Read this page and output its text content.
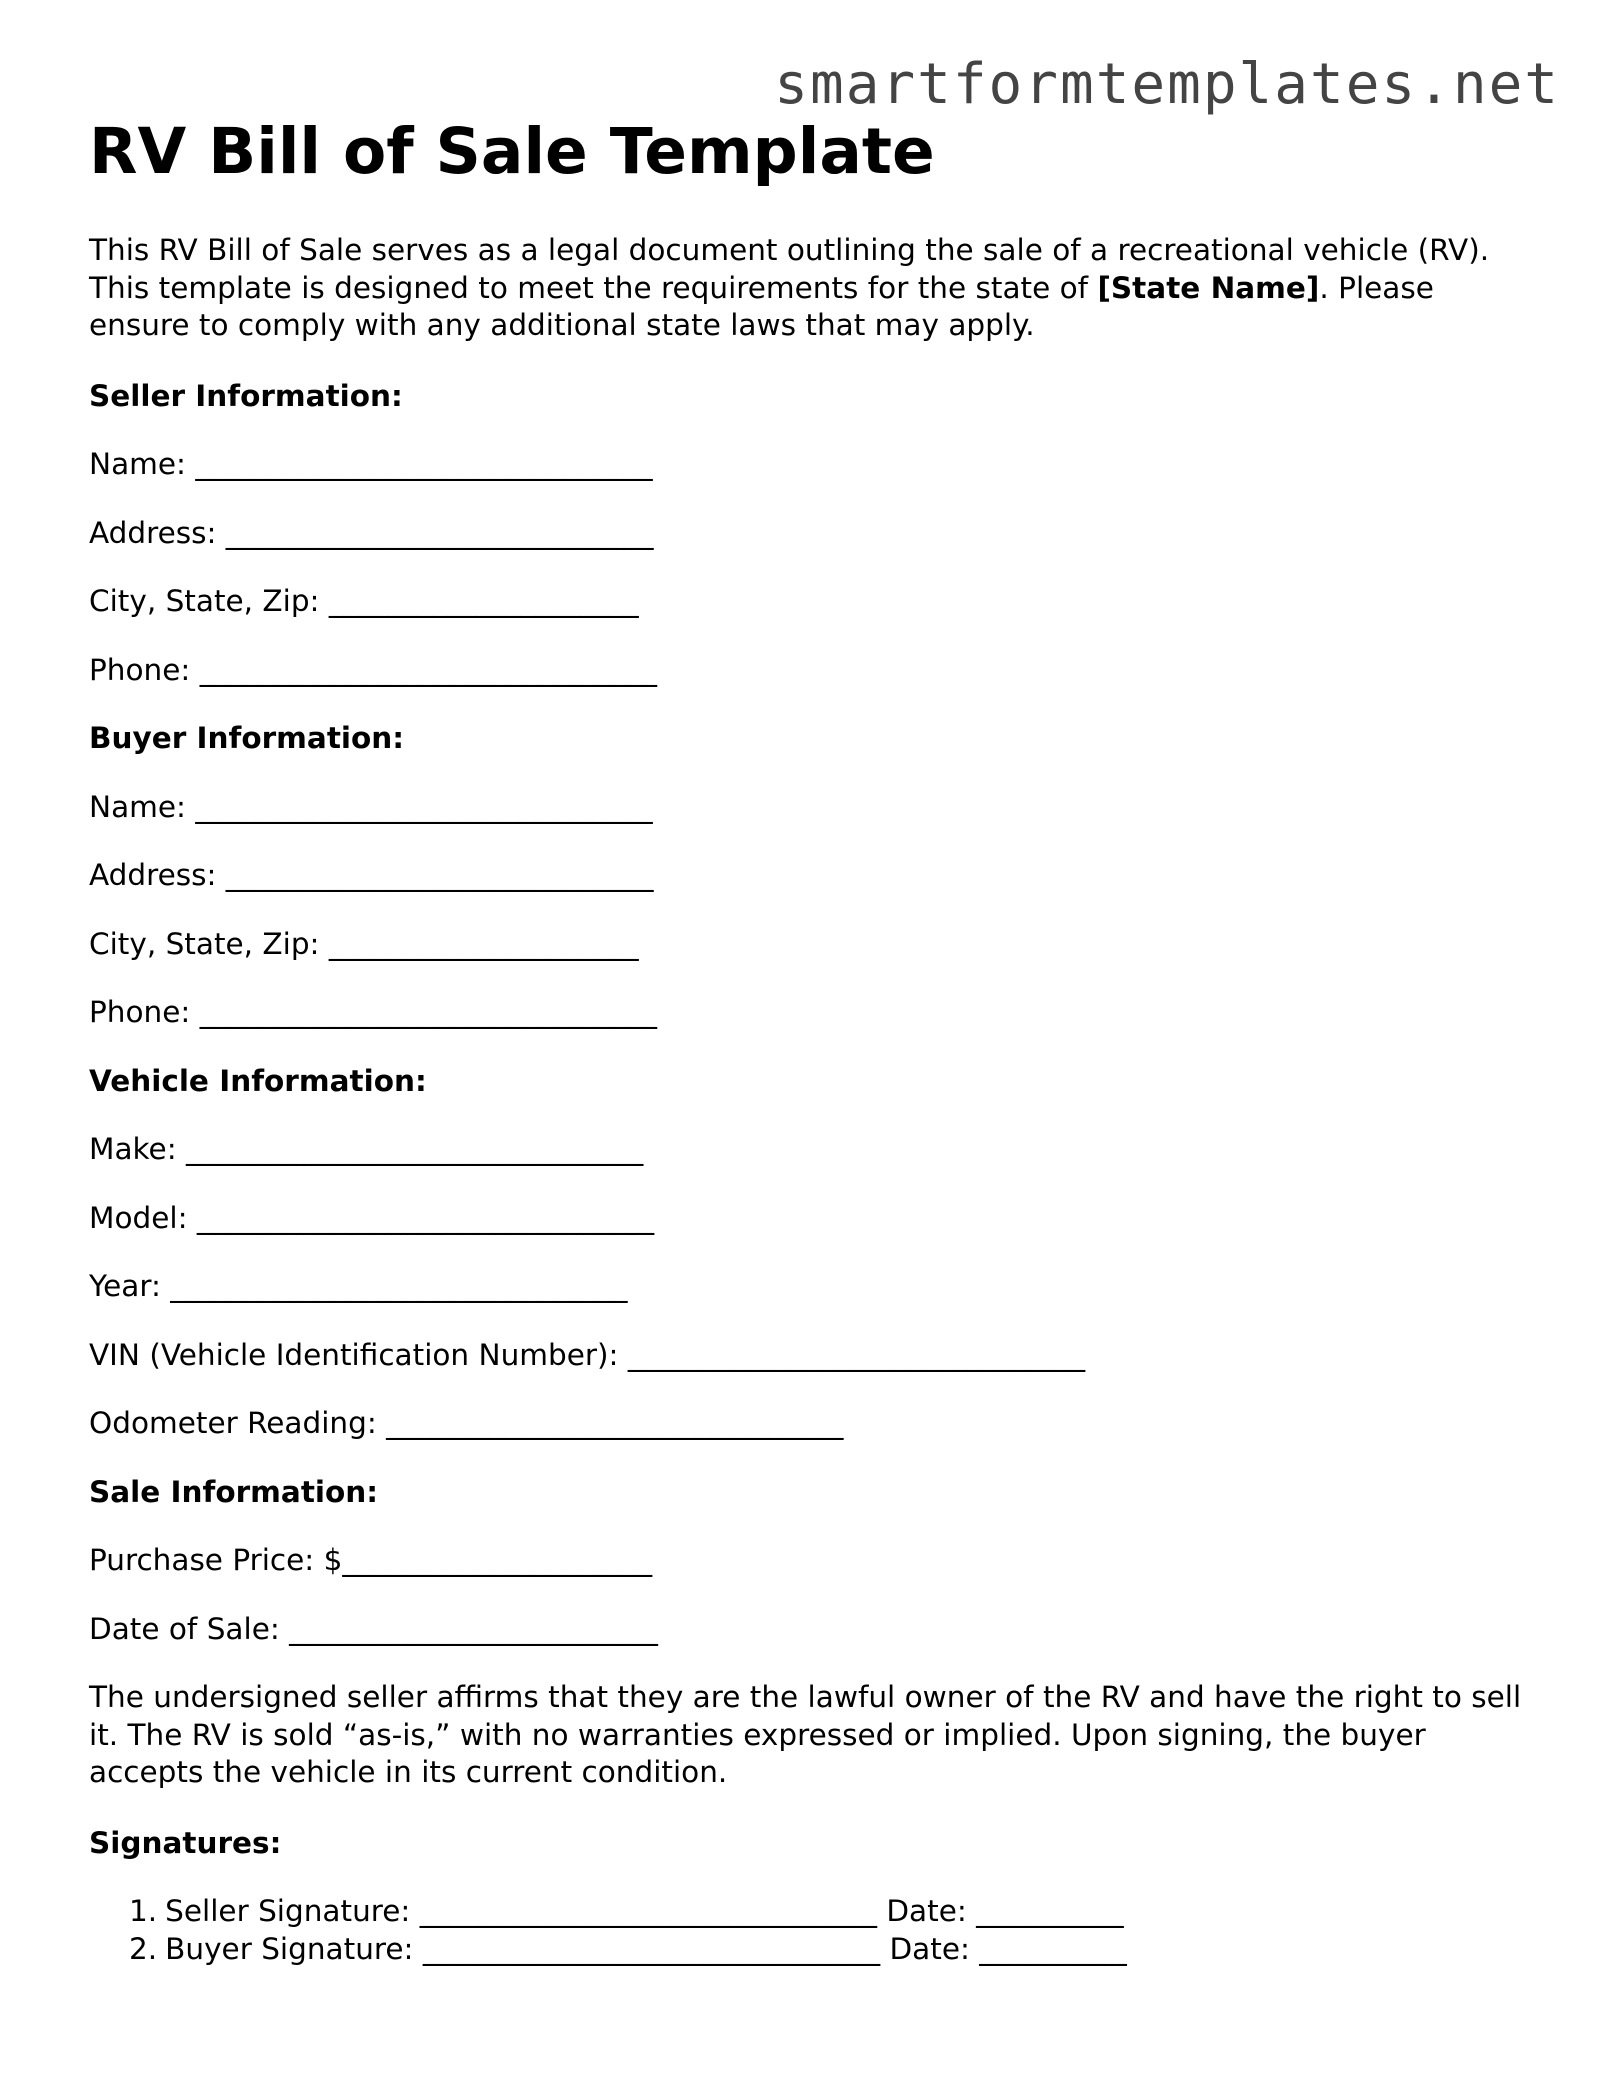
smartformtemplates.net
RV Bill of Sale Template

This RV Bill of Sale serves as a legal document outlining the sale of a recreational vehicle (RV). This template is designed to meet the requirements for the state of [State Name]. Please ensure to comply with any additional state laws that may apply.

Seller Information:
Name: _______________________________
Address: _____________________________
City, State, Zip: _____________________
Phone: _______________________________
Buyer Information:
Name: _______________________________
Address: _____________________________
City, State, Zip: _____________________
Phone: _______________________________
Vehicle Information:
Make: _______________________________
Model: _______________________________
Year: _______________________________
VIN (Vehicle Identification Number): _______________________________
Odometer Reading: _______________________________
Sale Information:
Purchase Price: $_____________________
Date of Sale: _________________________

The undersigned seller affirms that they are the lawful owner of the RV and have the right to sell it. The RV is sold “as-is,” with no warranties expressed or implied. Upon signing, the buyer accepts the vehicle in its current condition.

Signatures:
1. Seller Signature: _______________________________ Date: __________
2. Buyer Signature: _______________________________ Date: __________
